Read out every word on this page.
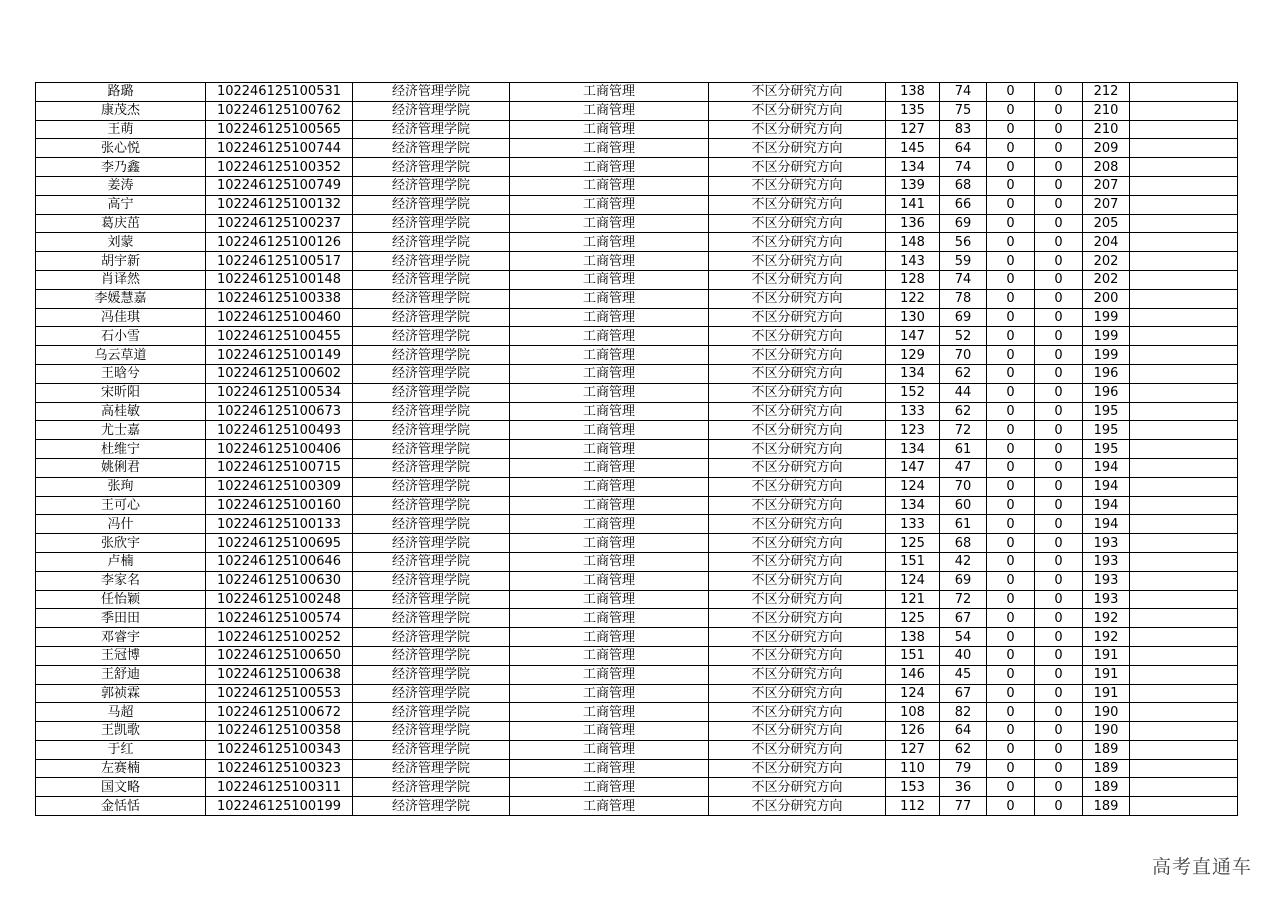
路璐	102246125100531	经济管理学院	工商管理	不区分研究方向	138	74	0	0	212	
康茂杰	102246125100762	经济管理学院	工商管理	不区分研究方向	135	75	0	0	210	
王萌	102246125100565	经济管理学院	工商管理	不区分研究方向	127	83	0	0	210	
张心悦	102246125100744	经济管理学院	工商管理	不区分研究方向	145	64	0	0	209	
李乃鑫	102246125100352	经济管理学院	工商管理	不区分研究方向	134	74	0	0	208	
姜涛	102246125100749	经济管理学院	工商管理	不区分研究方向	139	68	0	0	207	
高宁	102246125100132	经济管理学院	工商管理	不区分研究方向	141	66	0	0	207	
葛庆茁	102246125100237	经济管理学院	工商管理	不区分研究方向	136	69	0	0	205	
刘蒙	102246125100126	经济管理学院	工商管理	不区分研究方向	148	56	0	0	204	
胡宇新	102246125100517	经济管理学院	工商管理	不区分研究方向	143	59	0	0	202	
肖译然	102246125100148	经济管理学院	工商管理	不区分研究方向	128	74	0	0	202	
李媛慧嘉	102246125100338	经济管理学院	工商管理	不区分研究方向	122	78	0	0	200	
冯佳琪	102246125100460	经济管理学院	工商管理	不区分研究方向	130	69	0	0	199	
石小雪	102246125100455	经济管理学院	工商管理	不区分研究方向	147	52	0	0	199	
乌云草道	102246125100149	经济管理学院	工商管理	不区分研究方向	129	70	0	0	199	
王晗兮	102246125100602	经济管理学院	工商管理	不区分研究方向	134	62	0	0	196	
宋昕阳	102246125100534	经济管理学院	工商管理	不区分研究方向	152	44	0	0	196	
高桂敏	102246125100673	经济管理学院	工商管理	不区分研究方向	133	62	0	0	195	
尤士嘉	102246125100493	经济管理学院	工商管理	不区分研究方向	123	72	0	0	195	
杜维宁	102246125100406	经济管理学院	工商管理	不区分研究方向	134	61	0	0	195	
姚俐君	102246125100715	经济管理学院	工商管理	不区分研究方向	147	47	0	0	194	
张珣	102246125100309	经济管理学院	工商管理	不区分研究方向	124	70	0	0	194	
王可心	102246125100160	经济管理学院	工商管理	不区分研究方向	134	60	0	0	194	
冯什	102246125100133	经济管理学院	工商管理	不区分研究方向	133	61	0	0	194	
张欣宇	102246125100695	经济管理学院	工商管理	不区分研究方向	125	68	0	0	193	
卢楠	102246125100646	经济管理学院	工商管理	不区分研究方向	151	42	0	0	193	
李家名	102246125100630	经济管理学院	工商管理	不区分研究方向	124	69	0	0	193	
任怡颖	102246125100248	经济管理学院	工商管理	不区分研究方向	121	72	0	0	193	
季田田	102246125100574	经济管理学院	工商管理	不区分研究方向	125	67	0	0	192	
邓睿宇	102246125100252	经济管理学院	工商管理	不区分研究方向	138	54	0	0	192	
王冠博	102246125100650	经济管理学院	工商管理	不区分研究方向	151	40	0	0	191	
王舒迪	102246125100638	经济管理学院	工商管理	不区分研究方向	146	45	0	0	191	
郭祯霖	102246125100553	经济管理学院	工商管理	不区分研究方向	124	67	0	0	191	
马超	102246125100672	经济管理学院	工商管理	不区分研究方向	108	82	0	0	190	
王凯歌	102246125100358	经济管理学院	工商管理	不区分研究方向	126	64	0	0	190	
于红	102246125100343	经济管理学院	工商管理	不区分研究方向	127	62	0	0	189	
左赛楠	102246125100323	经济管理学院	工商管理	不区分研究方向	110	79	0	0	189	
国文略	102246125100311	经济管理学院	工商管理	不区分研究方向	153	36	0	0	189	
金恬恬	102246125100199	经济管理学院	工商管理	不区分研究方向	112	77	0	0	189	
高考直通车
